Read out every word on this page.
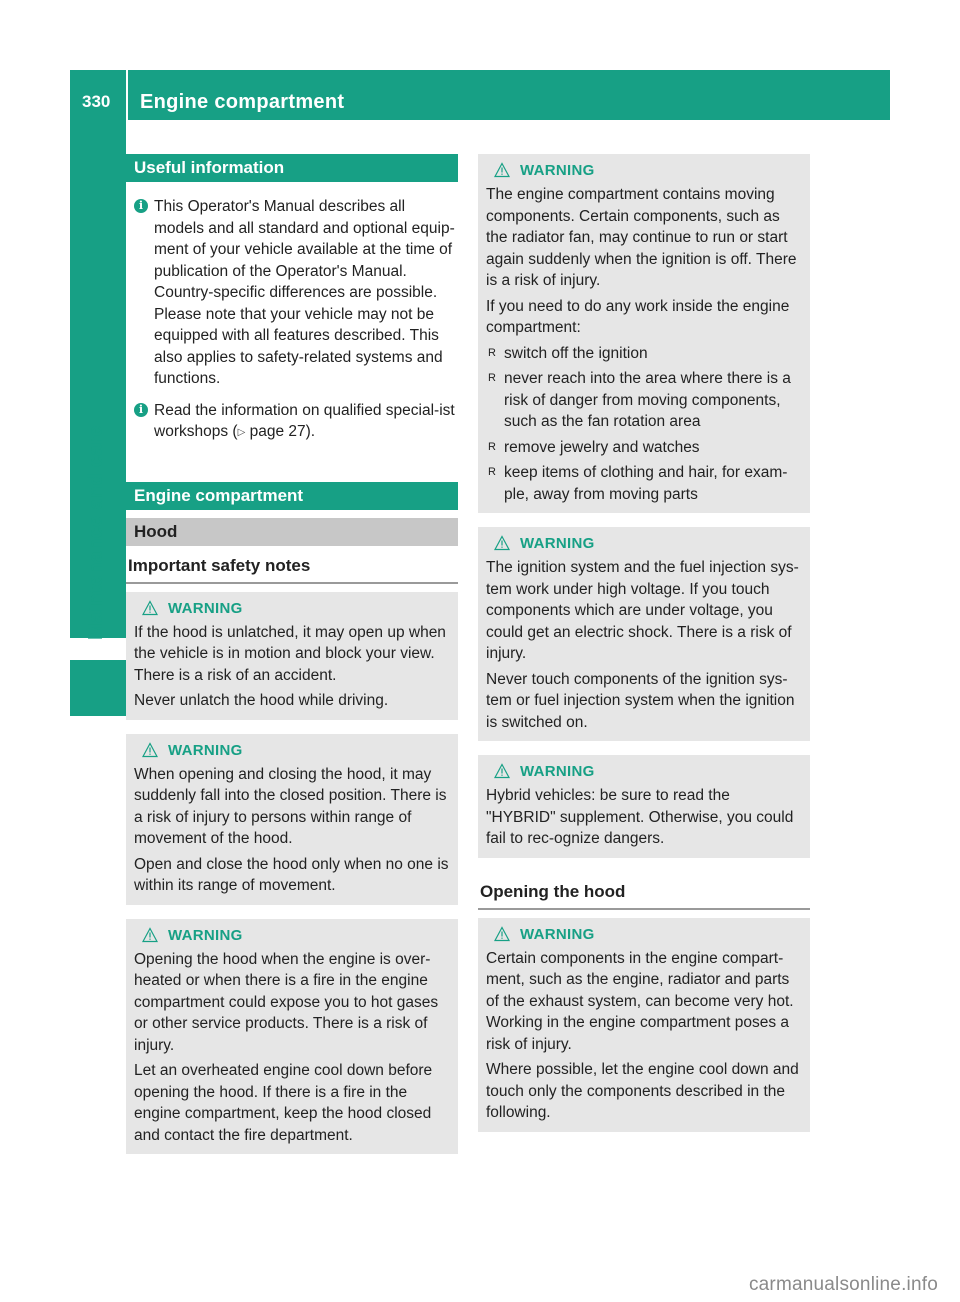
330	Engine compartment
Maintenance and care
Useful information
i This Operator's Manual describes all models and all standard and optional equip-ment of your vehicle available at the time of publication of the Operator's Manual. Country-specific differences are possible. Please note that your vehicle may not be equipped with all features described. This also applies to safety-related systems and functions.
i Read the information on qualified special-ist workshops (▷ page 27).
Engine compartment
Hood
Important safety notes
WARNING
If the hood is unlatched, it may open up when the vehicle is in motion and block your view. There is a risk of an accident.
Never unlatch the hood while driving.
WARNING
When opening and closing the hood, it may suddenly fall into the closed position. There is a risk of injury to persons within range of movement of the hood.
Open and close the hood only when no one is within its range of movement.
WARNING
Opening the hood when the engine is over-heated or when there is a fire in the engine compartment could expose you to hot gases or other service products. There is a risk of injury.
Let an overheated engine cool down before opening the hood. If there is a fire in the engine compartment, keep the hood closed and contact the fire department.
WARNING
The engine compartment contains moving components. Certain components, such as the radiator fan, may continue to run or start again suddenly when the ignition is off. There is a risk of injury.
If you need to do any work inside the engine compartment:
R switch off the ignition
R never reach into the area where there is a risk of danger from moving components, such as the fan rotation area
R remove jewelry and watches
R keep items of clothing and hair, for exam-ple, away from moving parts
WARNING
The ignition system and the fuel injection sys-tem work under high voltage. If you touch components which are under voltage, you could get an electric shock. There is a risk of injury.
Never touch components of the ignition sys-tem or fuel injection system when the ignition is switched on.
WARNING
Hybrid vehicles: be sure to read the "HYBRID" supplement. Otherwise, you could fail to rec-ognize dangers.
Opening the hood
WARNING
Certain components in the engine compart-ment, such as the engine, radiator and parts of the exhaust system, can become very hot. Working in the engine compartment poses a risk of injury.
Where possible, let the engine cool down and touch only the components described in the following.
carmanualsonline.info
